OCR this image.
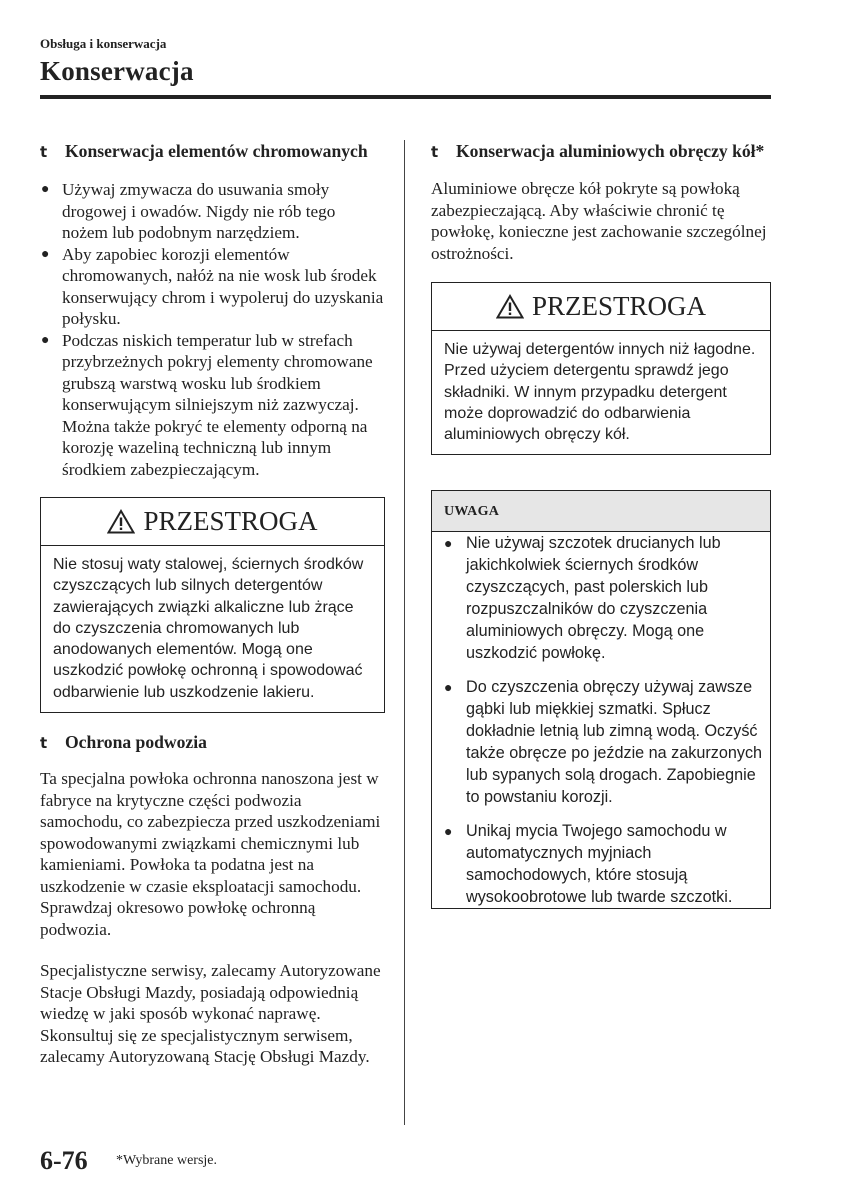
Obsługa i konserwacja
Konserwacja
t	Konserwacja elementów chromowanych
● Używaj zmywacza do usuwania smoły drogowej i owadów. Nigdy nie rób tego nożem lub podobnym narzędziem.
● Aby zapobiec korozji elementów chromowanych, nałóż na nie wosk lub środek konserwujący chrom i wypoleruj do uzyskania połysku.
● Podczas niskich temperatur lub w strefach przybrzeżnych pokryj elementy chromowane grubszą warstwą wosku lub środkiem konserwującym silniejszym niż zazwyczaj. Można także pokryć te elementy odporną na korozję wazeliną techniczną lub innym środkiem zabezpieczającym.
PRZESTROGA
Nie stosuj waty stalowej, ściernych środków czyszczących lub silnych detergentów zawierających związki alkaliczne lub żrące do czyszczenia chromowanych lub anodowanych elementów. Mogą one uszkodzić powłokę ochronną i spowodować odbarwienie lub uszkodzenie lakieru.
t	Ochrona podwozia

Ta specjalna powłoka ochronna nanoszona jest w fabryce na krytyczne części podwozia samochodu, co zabezpiecza przed uszkodzeniami spowodowanymi związkami chemicznymi lub kamieniami. Powłoka ta podatna jest na uszkodzenie w czasie eksploatacji samochodu. Sprawdzaj okresowo powłokę ochronną podwozia.

Specjalistyczne serwisy, zalecamy Autoryzowane Stacje Obsługi Mazdy, posiadają odpowiednią wiedzę w jaki sposób wykonać naprawę. Skonsultuj się ze specjalistycznym serwisem, zalecamy Autoryzowaną Stację Obsługi Mazdy.

t	Konserwacja aluminiowych obręczy kół*

Aluminiowe obręcze kół pokryte są powłoką zabezpieczającą. Aby właściwie chronić tę powłokę, konieczne jest zachowanie szczególnej ostrożności.

PRZESTROGA
Nie używaj detergentów innych niż łagodne. Przed użyciem detergentu sprawdź jego składniki. W innym przypadku detergent może doprowadzić do odbarwienia aluminiowych obręczy kół.
UWAGA
● Nie używaj szczotek drucianych lub jakichkolwiek ściernych środków czyszczących, past polerskich lub rozpuszczalników do czyszczenia aluminiowych obręczy. Mogą one uszkodzić powłokę.
● Do czyszczenia obręczy używaj zawsze gąbki lub miękkiej szmatki. Spłucz dokładnie letnią lub zimną wodą. Oczyść także obręcze po jeździe na zakurzonych lub sypanych solą drogach. Zapobiegnie to powstaniu korozji.
● Unikaj mycia Twojego samochodu w automatycznych myjniach samochodowych, które stosują wysokoobrotowe lub twarde szczotki.
6-76 *Wybrane wersje.
